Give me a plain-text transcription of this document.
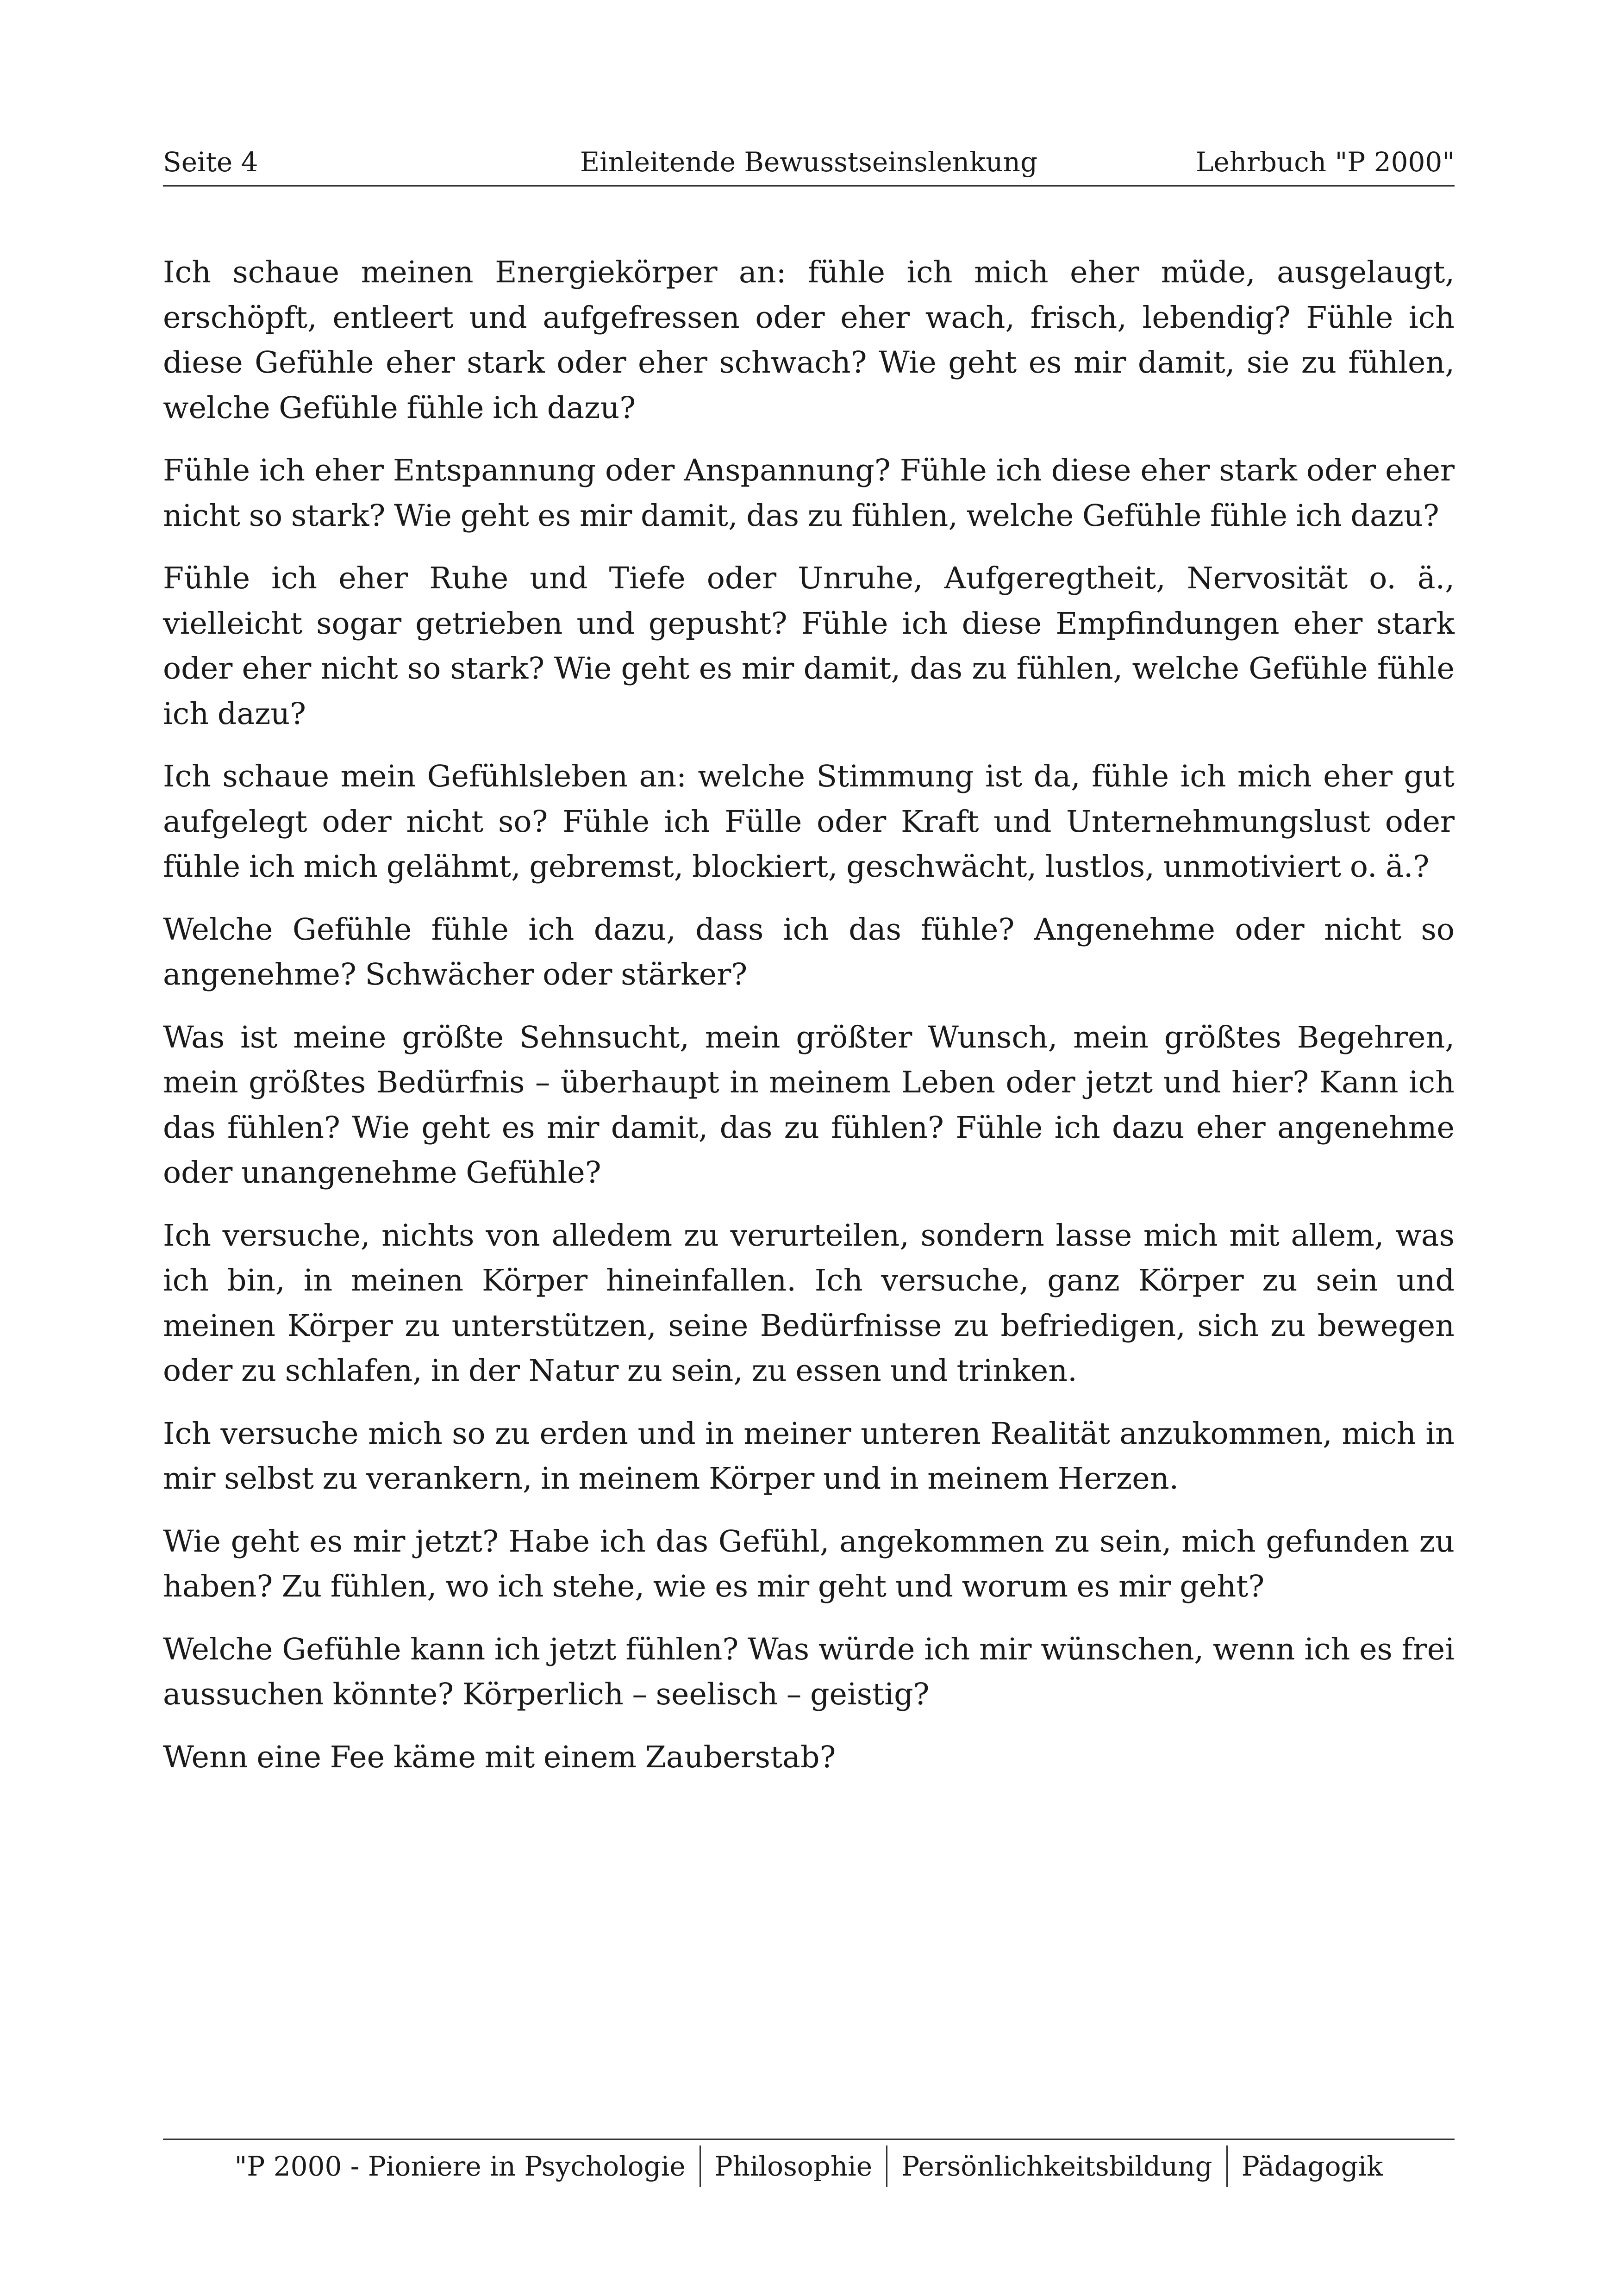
Seite 4	Einleitende Bewusstseinslenkung	Lehrbuch "P 2000"

Ich schaue meinen Energiekörper an: fühle ich mich eher müde, ausgelaugt, erschöpft, entleert und aufgefressen oder eher wach, frisch, lebendig? Fühle ich diese Gefühle eher stark oder eher schwach? Wie geht es mir damit, sie zu fühlen, welche Gefühle fühle ich dazu?

Fühle ich eher Entspannung oder Anspannung? Fühle ich diese eher stark oder eher nicht so stark? Wie geht es mir damit, das zu fühlen, welche Gefühle fühle ich dazu?

Fühle ich eher Ruhe und Tiefe oder Unruhe, Aufgeregtheit, Nervosität o. ä., vielleicht sogar getrieben und gepusht? Fühle ich diese Empfindungen eher stark oder eher nicht so stark? Wie geht es mir damit, das zu fühlen, welche Gefühle fühle ich dazu?

Ich schaue mein Gefühlsleben an: welche Stimmung ist da, fühle ich mich eher gut aufgelegt oder nicht so? Fühle ich Fülle oder Kraft und Unternehmungslust oder fühle ich mich gelähmt, gebremst, blockiert, geschwächt, lustlos, unmotiviert o. ä.?

Welche Gefühle fühle ich dazu, dass ich das fühle? Angenehme oder nicht so angenehme? Schwächer oder stärker?

Was ist meine größte Sehnsucht, mein größter Wunsch, mein größtes Begehren, mein größtes Bedürfnis – überhaupt in meinem Leben oder jetzt und hier? Kann ich das fühlen? Wie geht es mir damit, das zu fühlen? Fühle ich dazu eher angenehme oder unangenehme Gefühle?

Ich versuche, nichts von alledem zu verurteilen, sondern lasse mich mit allem, was ich bin, in meinen Körper hineinfallen. Ich versuche, ganz Körper zu sein und meinen Körper zu unterstützen, seine Bedürfnisse zu befriedigen, sich zu bewegen oder zu schlafen, in der Natur zu sein, zu essen und trinken.

Ich versuche mich so zu erden und in meiner unteren Realität anzukommen, mich in mir selbst zu verankern, in meinem Körper und in meinem Herzen.

Wie geht es mir jetzt? Habe ich das Gefühl, angekommen zu sein, mich gefunden zu haben? Zu fühlen, wo ich stehe, wie es mir geht und worum es mir geht?

Welche Gefühle kann ich jetzt fühlen? Was würde ich mir wünschen, wenn ich es frei aussuchen könnte? Körperlich – seelisch – geistig?

Wenn eine Fee käme mit einem Zauberstab?

"P 2000 - Pioniere in Psychologie Philosophie Persönlichkeitsbildung Pädagogik
